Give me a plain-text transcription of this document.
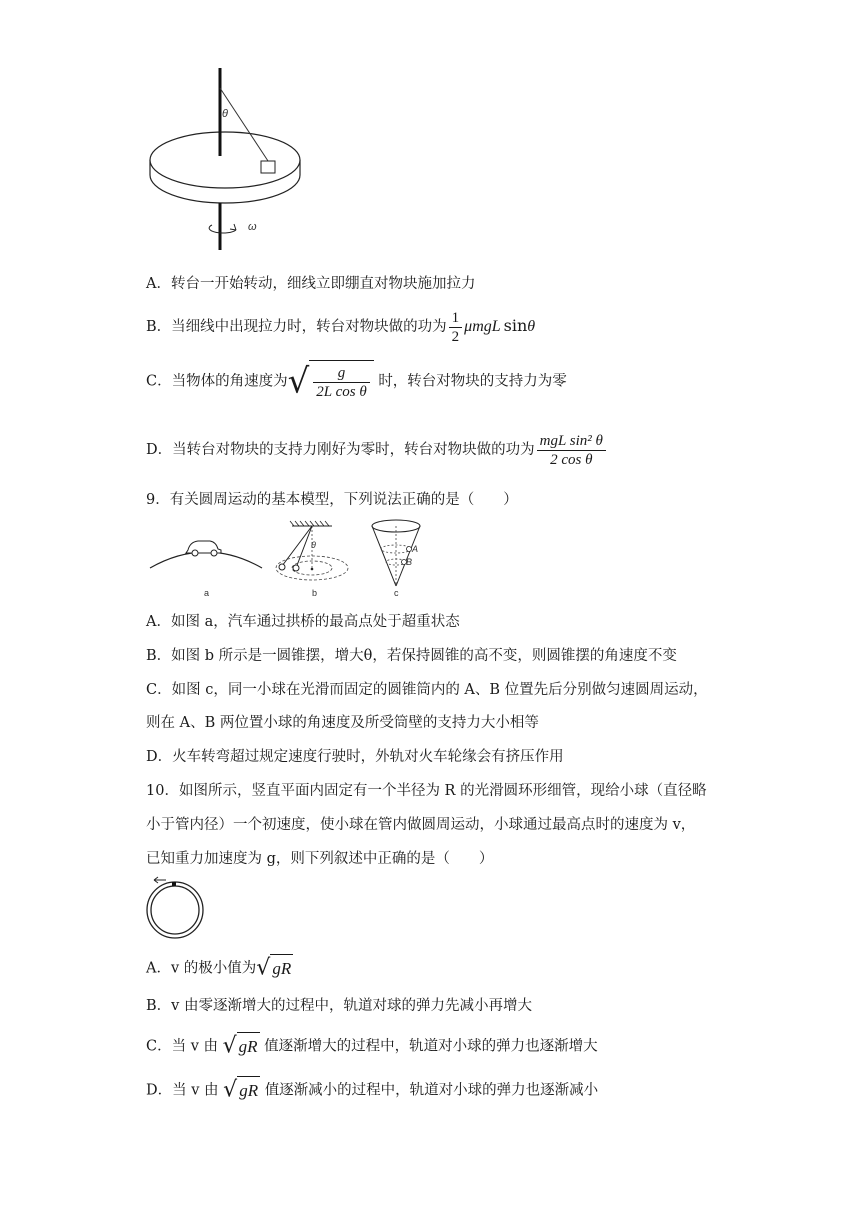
θ
ω
A．转台一开始转动，细线立即绷直对物块施加拉力
B．当细线中出现拉力时，转台对物块做的功为 $\frac{1}{2}$ μmgL sinθ
C．当物体的角速度为√ $\frac{g}{\text{2L cos θ}}$ 时，转台对物块的支持力为零
D．当转台对物块的支持力刚好为零时，转台对物块做的功为 $\frac{\text{mgL sin² θ}}{\text{2 cos θ}}$
9．有关圆周运动的基本模型，下列说法正确的是（　　）
θ	A
B
a	b	c
A．如图 a，汽车通过拱桥的最高点处于超重状态
B．如图 b 所示是一圆锥摆，增大θ，若保持圆锥的高不变，则圆锥摆的角速度不变
C．如图 c，同一小球在光滑而固定的圆锥筒内的 A、B 位置先后分别做匀速圆周运动，
则在 A、B 两位置小球的角速度及所受筒壁的支持力大小相等
D．火车转弯超过规定速度行驶时，外轨对火车轮缘会有挤压作用
10．如图所示，竖直平面内固定有一个半径为 R 的光滑圆环形细管，现给小球（直径略
小于管内径）一个初速度，使小球在管内做圆周运动，小球通过最高点时的速度为 v，
已知重力加速度为 g，则下列叙述中正确的是（　　）
A．v 的极小值为√ gR
B．v 由零逐渐增大的过程中，轨道对球的弹力先减小再增大
C．当 v 由 √ gR 值逐渐增大的过程中，轨道对小球的弹力也逐渐增大
D．当 v 由 √ gR 值逐渐减小的过程中，轨道对小球的弹力也逐渐减小
